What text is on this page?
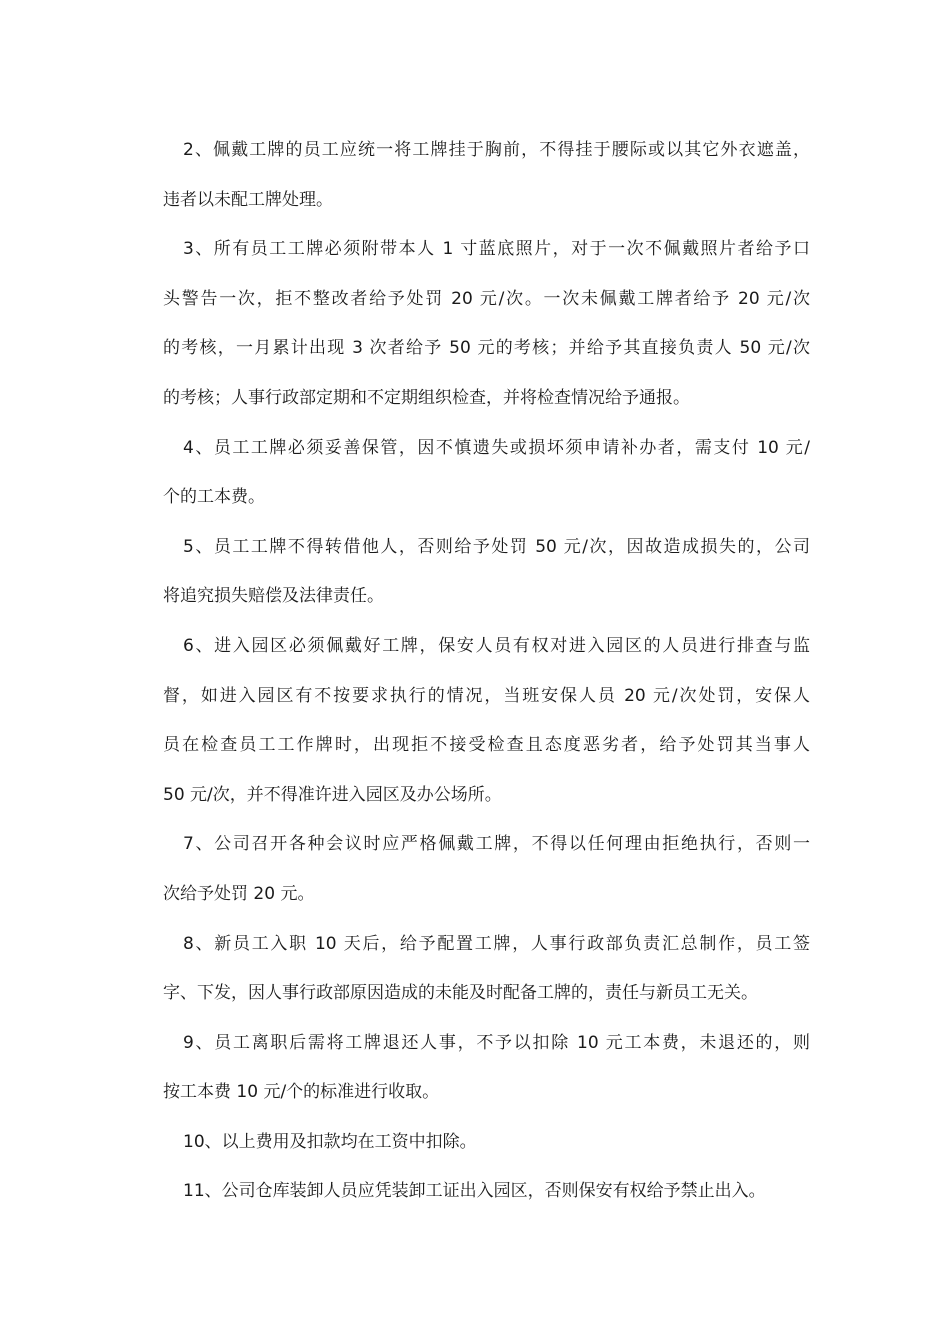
2、佩戴工牌的员工应统一将工牌挂于胸前，不得挂于腰际或以其它外衣遮盖，
违者以未配工牌处理。
3、所有员工工牌必须附带本人 1 寸蓝底照片，对于一次不佩戴照片者给予口
头警告一次，拒不整改者给予处罚 20 元/次。一次未佩戴工牌者给予 20 元/次
的考核，一月累计出现 3 次者给予 50 元的考核；并给予其直接负责人 50 元/次
的考核；人事行政部定期和不定期组织检查，并将检查情况给予通报。
4、员工工牌必须妥善保管，因不慎遗失或损坏须申请补办者，需支付 10 元/
个的工本费。
5、员工工牌不得转借他人，否则给予处罚 50 元/次，因故造成损失的，公司
将追究损失赔偿及法律责任。
6、进入园区必须佩戴好工牌，保安人员有权对进入园区的人员进行排查与监
督，如进入园区有不按要求执行的情况，当班安保人员 20 元/次处罚，安保人
员在检查员工工作牌时，出现拒不接受检查且态度恶劣者，给予处罚其当事人
50 元/次，并不得准许进入园区及办公场所。
7、公司召开各种会议时应严格佩戴工牌，不得以任何理由拒绝执行，否则一
次给予处罚 20 元。
8、新员工入职 10 天后，给予配置工牌，人事行政部负责汇总制作，员工签
字、下发，因人事行政部原因造成的未能及时配备工牌的，责任与新员工无关。
9、员工离职后需将工牌退还人事，不予以扣除 10 元工本费，未退还的，则
按工本费 10 元/个的标准进行收取。
10、以上费用及扣款均在工资中扣除。
11、公司仓库装卸人员应凭装卸工证出入园区，否则保安有权给予禁止出入。
